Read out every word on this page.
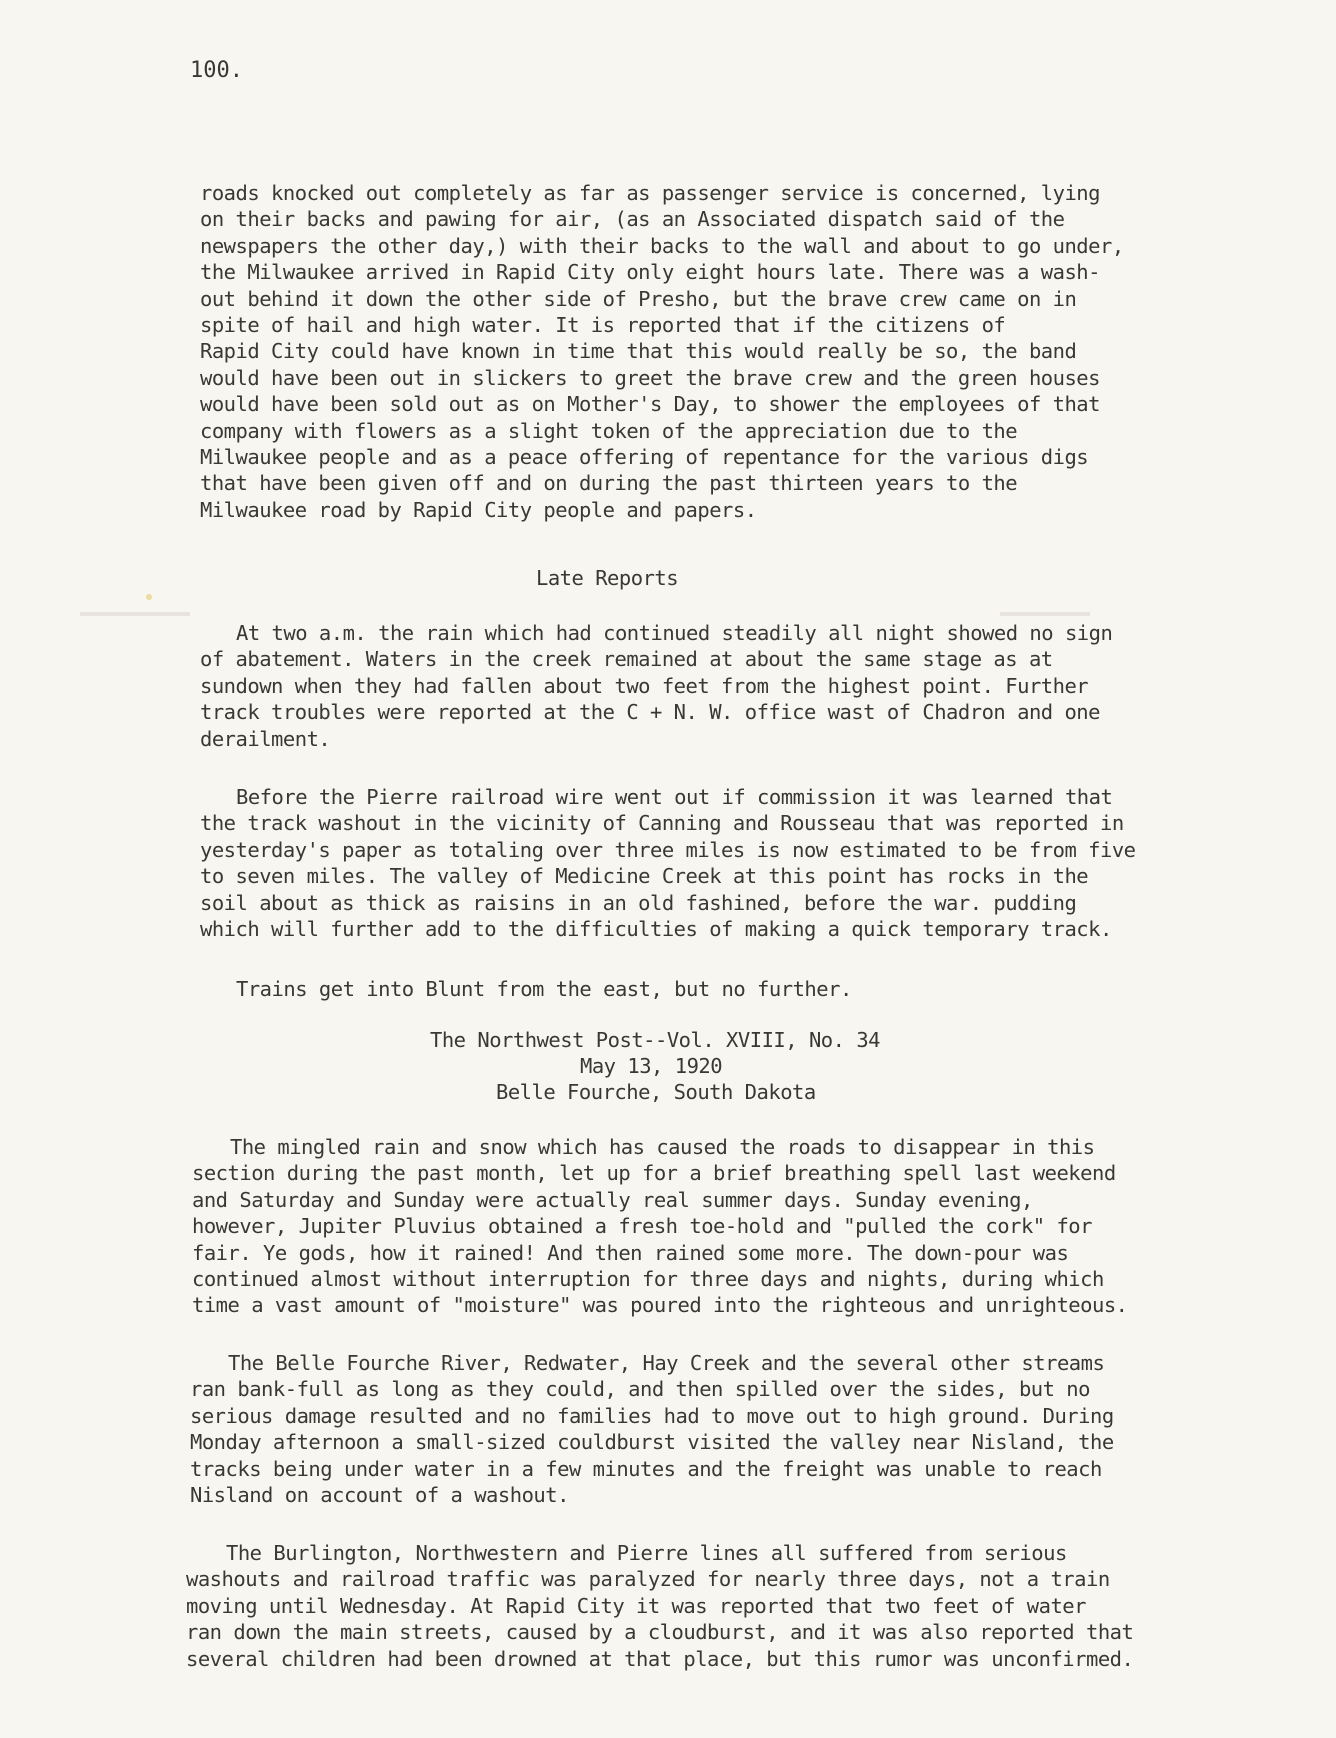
100.
roads knocked out completely as far as passenger service is concerned, lying
on their backs and pawing for air, (as an Associated dispatch said of the
newspapers the other day,) with their backs to the wall and about to go under,
the Milwaukee arrived in Rapid City only eight hours late. There was a wash-
out behind it down the other side of Presho, but the brave crew came on in
spite of hail and high water. It is reported that if the citizens of
Rapid City could have known in time that this would really be so, the band
would have been out in slickers to greet the brave crew and the green houses
would have been sold out as on Mother's Day, to shower the employees of that
company with flowers as a slight token of the appreciation due to the
Milwaukee people and as a peace offering of repentance for the various digs
that have been given off and on during the past thirteen years to the
Milwaukee road by Rapid City people and papers.
Late Reports
At two a.m. the rain which had continued steadily all night showed no sign
of abatement. Waters in the creek remained at about the same stage as at
sundown when they had fallen about two feet from the highest point. Further
track troubles were reported at the C + N. W. office wast of Chadron and one
derailment.
Before the Pierre railroad wire went out if commission it was learned that
the track washout in the vicinity of Canning and Rousseau that was reported in
yesterday's paper as totaling over three miles is now estimated to be from five
to seven miles. The valley of Medicine Creek at this point has rocks in the
soil about as thick as raisins in an old fashined, before the war. pudding
which will further add to the difficulties of making a quick temporary track.
Trains get into Blunt from the east, but no further.
The Northwest Post--Vol. XVIII, No. 34
May 13, 1920
Belle Fourche, South Dakota
The mingled rain and snow which has caused the roads to disappear in this
section during the past month, let up for a brief breathing spell last weekend
and Saturday and Sunday were actually real summer days. Sunday evening,
however, Jupiter Pluvius obtained a fresh toe-hold and "pulled the cork" for
fair. Ye gods, how it rained! And then rained some more. The down-pour was
continued almost without interruption for three days and nights, during which
time a vast amount of "moisture" was poured into the righteous and unrighteous.
The Belle Fourche River, Redwater, Hay Creek and the several other streams
ran bank-full as long as they could, and then spilled over the sides, but no
serious damage resulted and no families had to move out to high ground. During
Monday afternoon a small-sized couldburst visited the valley near Nisland, the
tracks being under water in a few minutes and the freight was unable to reach
Nisland on account of a washout.
The Burlington, Northwestern and Pierre lines all suffered from serious
washouts and railroad traffic was paralyzed for nearly three days, not a train
moving until Wednesday. At Rapid City it was reported that two feet of water
ran down the main streets, caused by a cloudburst, and it was also reported that
several children had been drowned at that place, but this rumor was unconfirmed.
